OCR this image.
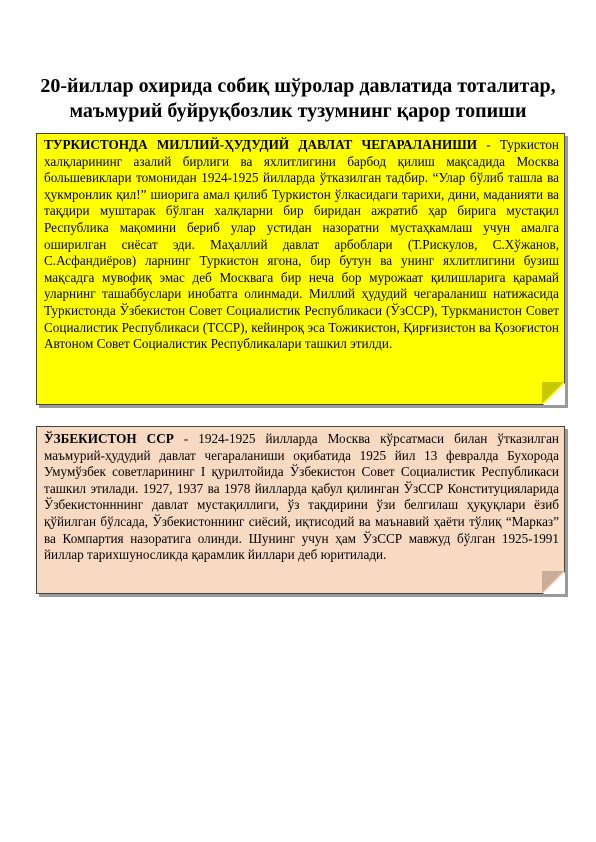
20-йиллар охирида собиқ шўролар давлатида тоталитар, маъмурий буйруқбозлик тузумнинг қарор топиши

ТУРКИСТОНДА МИЛЛИЙ-ҲУДУДИЙ ДАВЛАТ ЧЕГАРАЛАНИШИ - Туркистон халқларининг азалий бирлиги ва яхлитлигини барбод қилиш мақсадида Москва большевиклари томонидан 1924-1925 йилларда ўтказилган тадбир. “Улар бўлиб ташла ва ҳукмронлик қил!” шиорига амал қилиб Туркистон ўлкасидаги тарихи, дини, маданияти ва тақдири муштарак бўлган халқларни бир биридан ажратиб ҳар бирига мустақил Республика мақомини бериб улар устидан назоратни мустаҳкамлаш учун амалга оширилган сиёсат эди. Маҳаллий давлат арбоблари (Т.Рискулов, С.Хўжанов, С.Асфандиёров) ларнинг Туркистон ягона, бир бутун ва унинг яхлитлигини бузиш мақсадга мувофиқ эмас деб Москвага бир неча бор мурожаат қилишларига қарамай уларнинг ташаббуслари инобатга олинмади. Миллий ҳудудий чегараланиш натижасида Туркистонда Ўзбекистон Совет Социалистик Республикаси (ЎзССР), Туркманистон Совет Социалистик Республикаси (ТССР), кейинроқ эса Тожикистон, Қирғизистон ва Қозоғистон Автоном Совет Социалистик Республикалари ташкил этилди.

ЎЗБЕКИСТОН ССР - 1924-1925 йилларда Москва кўрсатмаси билан ўтказилган маъмурий-ҳудудий давлат чегараланиши оқибатида 1925 йил 13 февралда Бухорода Умумўзбек советларининг I қурилтойида Ўзбекистон Совет Социалистик Республикаси ташкил этилади. 1927, 1937 ва 1978 йилларда қабул қилинган ЎзССР Конституцияларида Ўзбекистонннинг давлат мустақиллиги, ўз тақдирини ўзи белгилаш ҳуқуқлари ёзиб қўйилган бўлсада, Ўзбекистоннинг сиёсий, иқтисодий ва маънавий ҳаёти тўлиқ “Марказ” ва Компартия назоратига олинди. Шунинг учун ҳам ЎзССР мавжуд бўлган 1925-1991 йиллар тарихшуносликда қарамлик йиллари деб юритилади.
